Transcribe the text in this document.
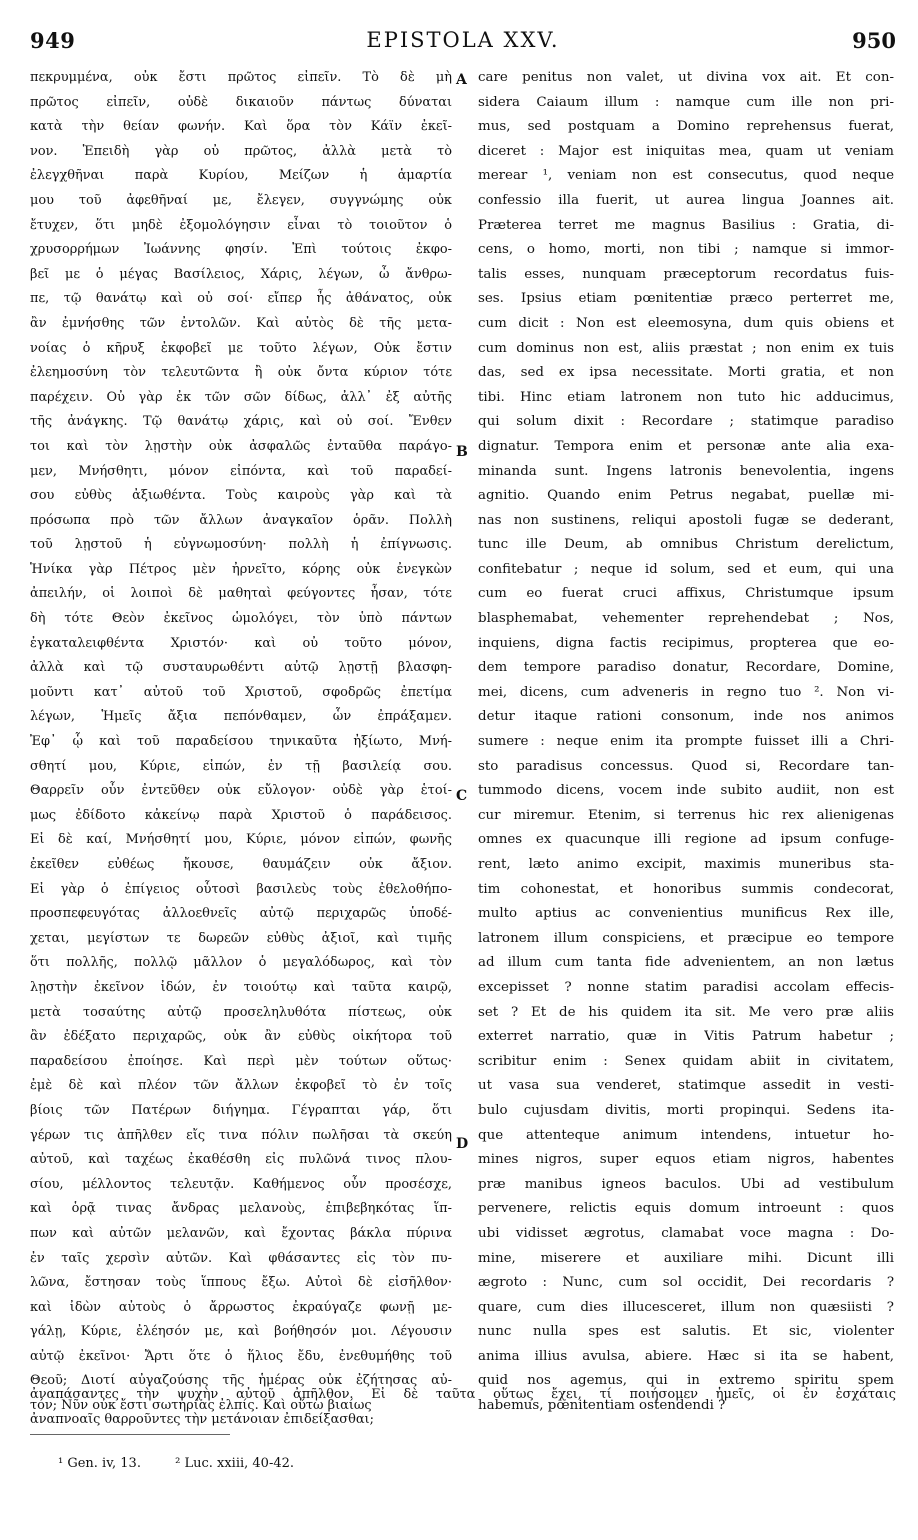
949	EPISTOLA XXV.	950
πεκρυμμένα, οὐκ ἔστι πρῶτος εἰπεῖν. Τὸ δὲ μὴ
πρῶτος εἰπεῖν, οὐδὲ δικαιοῦν πάντως δύναται
κατὰ τὴν θείαν φωνήν. Καὶ ὅρα τὸν Κάϊν ἐκεῖ-
νον. Ἐπειδὴ γὰρ οὐ πρῶτος, ἀλλὰ μετὰ τὸ
ἐλεγχθῆναι παρὰ Κυρίου, Μείζων ἡ ἁμαρτία
μου τοῦ ἀφεθῆναί με, ἔλεγεν, συγγνώμης οὐκ
ἔτυχεν, ὅτι μηδὲ ἐξομολόγησιν εἶναι τὸ τοιοῦτον ὁ
χρυσορρήμων Ἰωάννης φησίν. Ἐπὶ τούτοις ἐκφο-
βεῖ με ὁ μέγας Βασίλειος, Χάρις, λέγων, ὦ ἄνθρω-
πε, τῷ θανάτῳ καὶ οὐ σοί· εἴπερ ἦς ἀθάνατος, οὐκ
ἂν ἐμνήσθης τῶν ἐντολῶν. Καὶ αὐτὸς δὲ τῆς μετα-
νοίας ὁ κῆρυξ ἐκφοβεῖ με τοῦτο λέγων, Οὐκ ἔστιν
ἐλεημοσύνη τὸν τελευτῶντα ἢ οὐκ ὄντα κύριον τότε
παρέχειν. Οὐ γὰρ ἐκ τῶν σῶν δίδως, ἀλλ᾽ ἐξ αὐτῆς
τῆς ἀνάγκης. Τῷ θανάτῳ χάρις, καὶ οὐ σοί. Ἔνθεν
τοι καὶ τὸν λῃστὴν οὐκ ἀσφαλῶς ἐνταῦθα παράγο-
μεν, Μνήσθητι, μόνον εἰπόντα, καὶ τοῦ παραδεί-
σου εὐθὺς ἀξιωθέντα. Τοὺς καιροὺς γὰρ καὶ τὰ
πρόσωπα πρὸ τῶν ἄλλων ἀναγκαῖον ὁρᾶν. Πολλὴ
τοῦ λῃστοῦ ἡ εὐγνωμοσύνη· πολλὴ ἡ ἐπίγνωσις.
Ἡνίκα γὰρ Πέτρος μὲν ἠρνεῖτο, κόρης οὐκ ἐνεγκὼν
ἀπειλήν, οἱ λοιποὶ δὲ μαθηταὶ φεύγοντες ἦσαν, τότε
δὴ τότε Θεὸν ἐκεῖνος ὡμολόγει, τὸν ὑπὸ πάντων
ἐγκαταλειφθέντα Χριστόν· καὶ οὐ τοῦτο μόνον,
ἀλλὰ καὶ τῷ συσταυρωθέντι αὐτῷ λῃστῇ βλασφη-
μοῦντι κατ᾽ αὐτοῦ τοῦ Χριστοῦ, σφοδρῶς ἐπετίμα
λέγων, Ἡμεῖς ἄξια πεπόνθαμεν, ὧν ἐπράξαμεν.
Ἐφ᾽ ᾧ καὶ τοῦ παραδείσου τηνικαῦτα ἠξίωτο, Μνή-
σθητί μου, Κύριε, εἰπών, ἐν τῇ βασιλείᾳ σου.
Θαρρεῖν οὖν ἐντεῦθεν οὐκ εὔλογον· οὐδὲ γὰρ ἑτοί-
μως ἐδίδοτο κἀκείνῳ παρὰ Χριστοῦ ὁ παράδεισος.
Εἰ δὲ καί, Μνήσθητί μου, Κύριε, μόνον εἰπών, φωνῆς
ἐκεῖθεν εὐθέως ἤκουσε, θαυμάζειν οὐκ ἄξιον.
Εἰ γὰρ ὁ ἐπίγειος οὗτοσὶ βασιλεὺς τοὺς ἐθελοθήπο-
προσπεφευγότας ἀλλοεθνεῖς αὐτῷ περιχαρῶς ὑποδέ-
χεται, μεγίστων τε δωρεῶν εὐθὺς ἀξιοῖ, καὶ τιμῆς
ὅτι πολλῆς, πολλῷ μᾶλλον ὁ μεγαλόδωρος, καὶ τὸν
λῃστὴν ἐκεῖνον ἰδών, ἐν τοιούτῳ καὶ ταῦτα καιρῷ,
μετὰ τοσαύτης αὐτῷ προσεληλυθότα πίστεως, οὐκ
ἂν ἐδέξατο περιχαρῶς, οὐκ ἂν εὐθὺς οἰκήτορα τοῦ
παραδείσου ἐποίησε. Καὶ περὶ μὲν τούτων οὕτως·
ἐμὲ δὲ καὶ πλέον τῶν ἄλλων ἐκφοβεῖ τὸ ἐν τοῖς
βίοις τῶν Πατέρων διήγημα. Γέγραπται γάρ, ὅτι
γέρων τις ἀπῆλθεν εἴς τινα πόλιν πωλῆσαι τὰ σκεύη
αὐτοῦ, καὶ ταχέως ἐκαθέσθη εἰς πυλῶνά τινος πλου-
σίου, μέλλοντος τελευτᾷν. Καθήμενος οὖν προσέσχε,
καὶ ὁρᾷ τινας ἄνδρας μελανοὺς, ἐπιβεβηκότας ἵπ-
πων καὶ αὐτῶν μελανῶν, καὶ ἔχοντας βάκλα πύρινα
ἐν ταῖς χερσὶν αὐτῶν. Καὶ φθάσαντες εἰς τὸν πυ-
λῶνα, ἔστησαν τοὺς ἵππους ἔξω. Αὐτοὶ δὲ εἰσῆλθον·
καὶ ἰδὼν αὐτοὺς ὁ ἄρρωστος ἐκραύγαζε φωνῇ με-
γάλῃ, Κύριε, ἐλέησόν με, καὶ βοήθησόν μοι. Λέγουσιν
αὐτῷ ἐκεῖνοι· Ἄρτι ὅτε ὁ ἥλιος ἔδυ, ἐνεθυμήθης τοῦ
Θεοῦ; Διοτί αὐγαζούσης τῆς ἡμέρας οὐκ ἐζήτησας αὐ-
τόν; Νῦν οὐκ ἔστι σωτηρίας ἐλπίς. Καὶ οὕτω βιαίως
care penitus non valet, ut divina vox ait. Et con-
sidera Caiaum illum : namque cum ille non pri-
mus, sed postquam a Domino reprehensus fuerat,
diceret : Major est iniquitas mea, quam ut veniam
merear ¹, veniam non est consecutus, quod neque
confessio illa fuerit, ut aurea lingua Joannes ait.
Præterea terret me magnus Basilius : Gratia, di-
cens, o homo, morti, non tibi ; namque si immor-
talis esses, nunquam præceptorum recordatus fuis-
ses. Ipsius etiam pœnitentiæ præco perterret me,
cum dicit : Non est eleemosyna, dum quis obiens et
cum dominus non est, aliis præstat ; non enim ex tuis
das, sed ex ipsa necessitate. Morti gratia, et non
tibi. Hinc etiam latronem non tuto hic adducimus,
qui solum dixit : Recordare ; statimque paradiso
dignatur. Tempora enim et personæ ante alia exa-
minanda sunt. Ingens latronis benevolentia, ingens
agnitio. Quando enim Petrus negabat, puellæ mi-
nas non sustinens, reliqui apostoli fugæ se dederant,
tunc ille Deum, ab omnibus Christum derelictum,
confitebatur ; neque id solum, sed et eum, qui una
cum eo fuerat cruci affixus, Christumque ipsum
blasphemabat, vehementer reprehendebat ; Nos,
inquiens, digna factis recipimus, propterea que eo-
dem tempore paradiso donatur, Recordare, Domine,
mei, dicens, cum adveneris in regno tuo ². Non vi-
detur itaque rationi consonum, inde nos animos
sumere : neque enim ita prompte fuisset illi a Chri-
sto paradisus concessus. Quod si, Recordare tan-
tummodo dicens, vocem inde subito audiit, non est
cur miremur. Etenim, si terrenus hic rex alienigenas
omnes ex quacunque illi regione ad ipsum confuge-
rent, læto animo excipit, maximis muneribus sta-
tim cohonestat, et honoribus summis condecorat,
multo aptius ac convenientius munificus Rex ille,
latronem illum conspiciens, et præcipue eo tempore
ad illum cum tanta fide advenientem, an non lætus
excepisset ? nonne statim paradisi accolam effecis-
set ? Et de his quidem ita sit. Me vero præ aliis
exterret narratio, quæ in Vitis Patrum habetur ;
scribitur enim : Senex quidam abiit in civitatem,
ut vasa sua venderet, statimque assedit in vesti-
bulo cujusdam divitis, morti propinqui. Sedens ita-
que attenteque animum intendens, intuetur ho-
mines nigros, super equos etiam nigros, habentes
præ manibus igneos baculos. Ubi ad vestibulum
pervenere, relictis equis domum introeunt : quos
ubi vidisset ægrotus, clamabat voce magna : Do-
mine, miserere et auxiliare mihi. Dicunt illi
ægroto : Nunc, cum sol occidit, Dei recordaris ?
quare, cum dies illucesceret, illum non quæsiisti ?
nunc nulla spes est salutis. Et sic, violenter
anima illius avulsa, abiere. Hæc si ita se habent,
quid nos agemus, qui in extremo spiritu spem
habemus, pœnitentiam ostendendi ?
A
B
C
D
ἀναπάσαντες τὴν ψυχὴν αὐτοῦ ἀπῆλθον. Εἰ δὲ ταῦτα οὕτως ἔχει, τί ποιήσομεν ἡμεῖς, οἱ ἐν ἐσχάταις
ἀναπνοαῖς θαρροῦντες τὴν μετάνοιαν ἐπιδείξασθαι;
¹ Gen. iv, 13.	² Luc. xxiii, 40-42.
